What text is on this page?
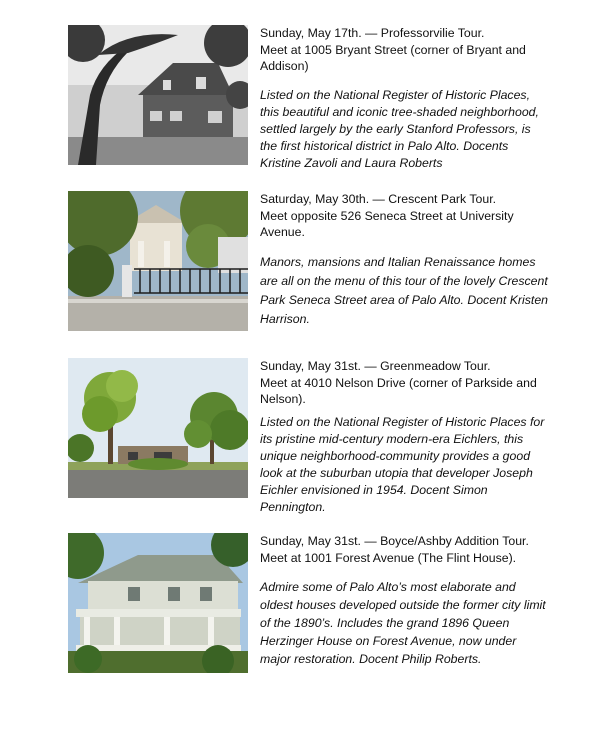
Sunday, May 17th. — Professorvilie Tour.

Meet at 1005 Bryant Street (corner of Bryant and Addison)

Listed on the National Register of Historic Places, this beautiful and iconic tree-shaded neighborhood, settled largely by the early Stanford Professors, is the first historical district in Palo Alto. Docents Kristine Zavoli and Laura Roberts

Saturday, May 30th. — Crescent Park Tour.

Meet opposite 526 Seneca Street at University Avenue.

Manors, mansions and Italian Renaissance homes are all on the menu of this tour of the lovely Crescent Park Seneca Street area of Palo Alto. Docent Kristen Harrison.

Sunday, May 31st. — Greenmeadow Tour.

Meet at 4010 Nelson Drive (corner of Parkside and Nelson).

Listed on the National Register of Historic Places for its pristine mid-century modern-era Eichlers, this unique neighborhood-community provides a good look at the suburban utopia that developer Joseph Eichler envisioned in 1954. Docent Simon Pennington.

Sunday, May 31st. — Boyce/Ashby Addition Tour.

Meet at 1001 Forest Avenue (The Flint House).

Admire some of Palo Alto’s most elaborate and oldest houses developed outside the former city limit of the 1890’s. Includes the grand 1896 Queen Herzinger House on Forest Avenue, now under major restoration. Docent Philip Roberts.
